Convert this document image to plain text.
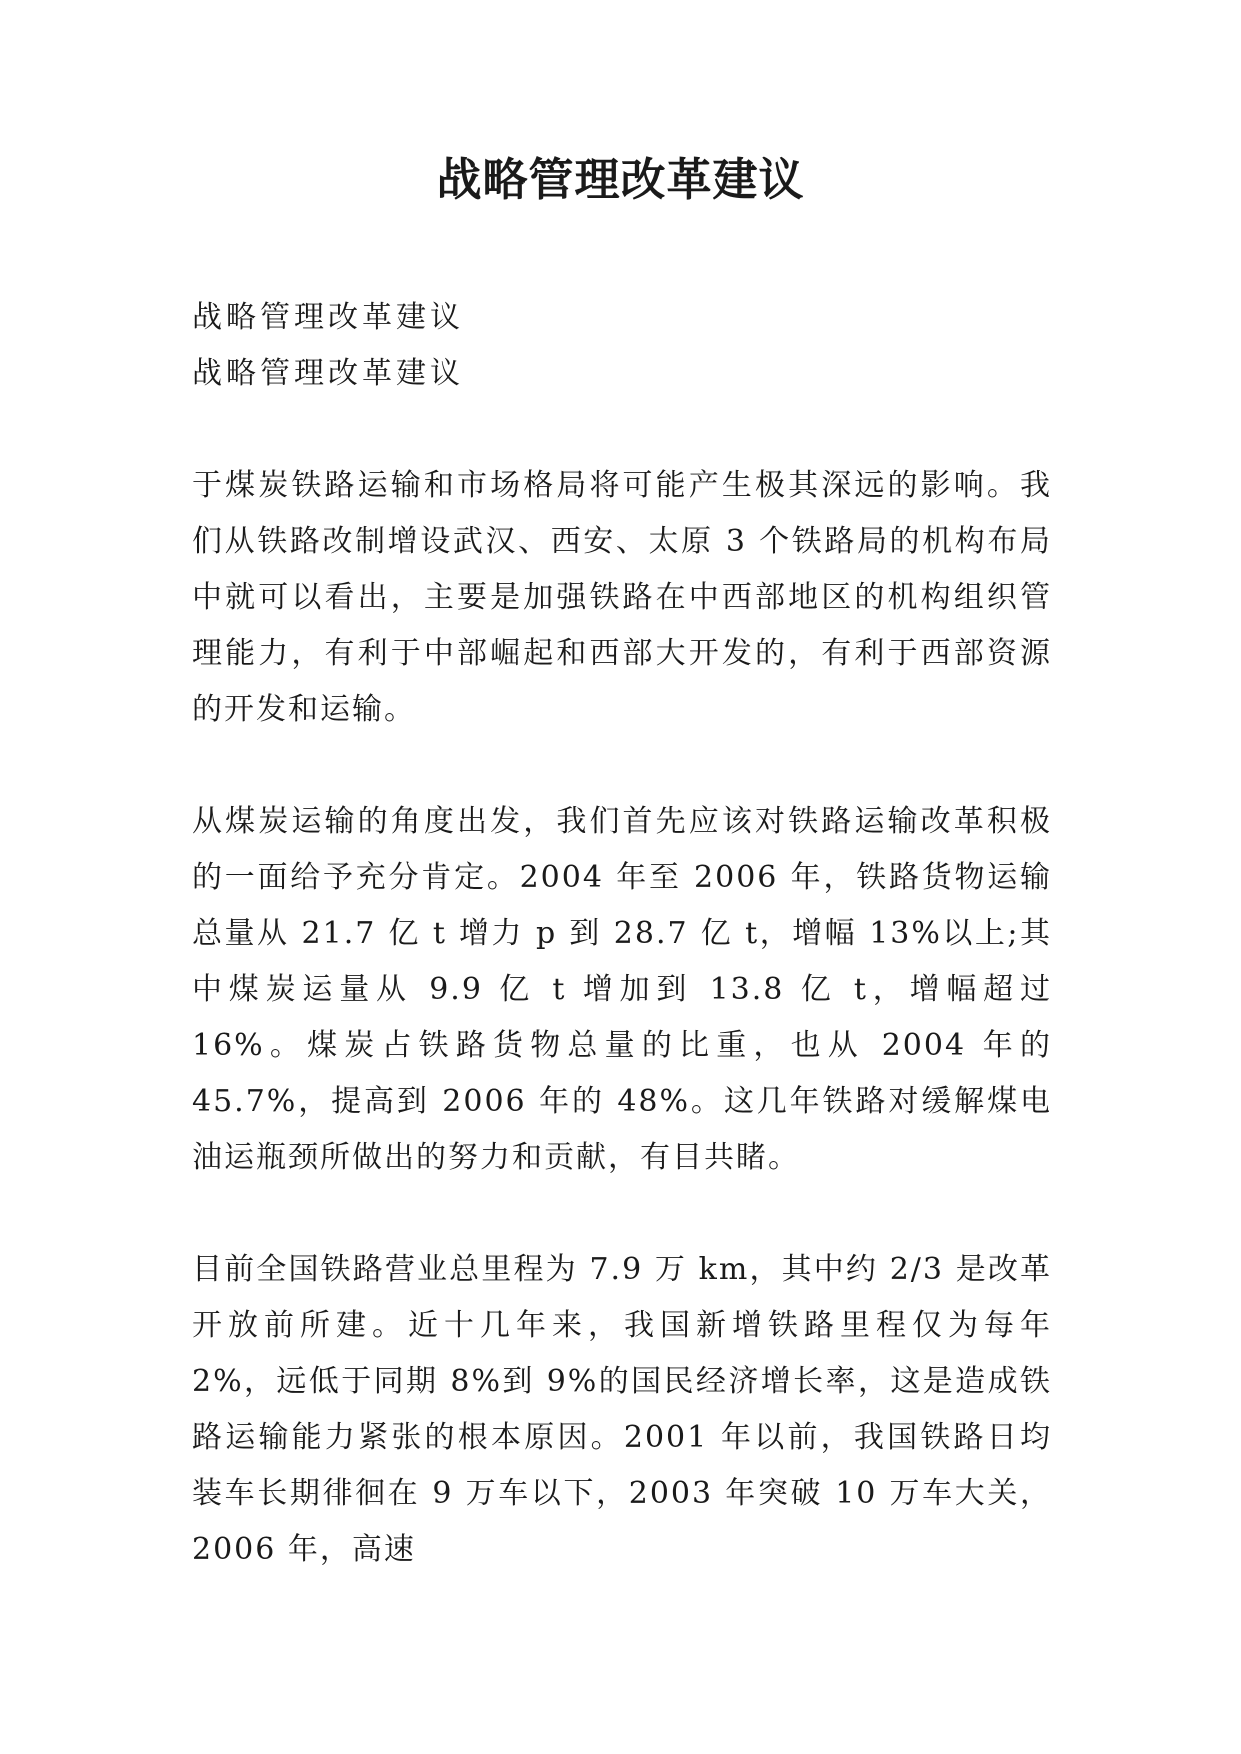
战略管理改革建议

战略管理改革建议

战略管理改革建议

于煤炭铁路运输和市场格局将可能产生极其深远的影响。我们从铁路改制增设武汉、西安、太原 3 个铁路局的机构布局中就可以看出，主要是加强铁路在中西部地区的机构组织管理能力，有利于中部崛起和西部大开发的，有利于西部资源的开发和运输。

从煤炭运输的角度出发，我们首先应该对铁路运输改革积极的一面给予充分肯定。2004 年至 2006 年，铁路货物运输总量从 21.7 亿 t 增力 p 到 28.7 亿 t，增幅 13%以上;其中煤炭运量从 9.9 亿 t 增加到 13.8 亿 t，增幅超过 16%。煤炭占铁路货物总量的比重，也从 2004 年的 45.7%，提高到 2006 年的 48%。这几年铁路对缓解煤电油运瓶颈所做出的努力和贡献，有目共睹。

目前全国铁路营业总里程为 7.9 万 km，其中约 2/3 是改革开放前所建。近十几年来，我国新增铁路里程仅为每年 2%，远低于同期 8%到 9%的国民经济增长率，这是造成铁路运输能力紧张的根本原因。2001 年以前，我国铁路日均装车长期徘徊在 9 万车以下，2003 年突破 10 万车大关，2006 年，高速
